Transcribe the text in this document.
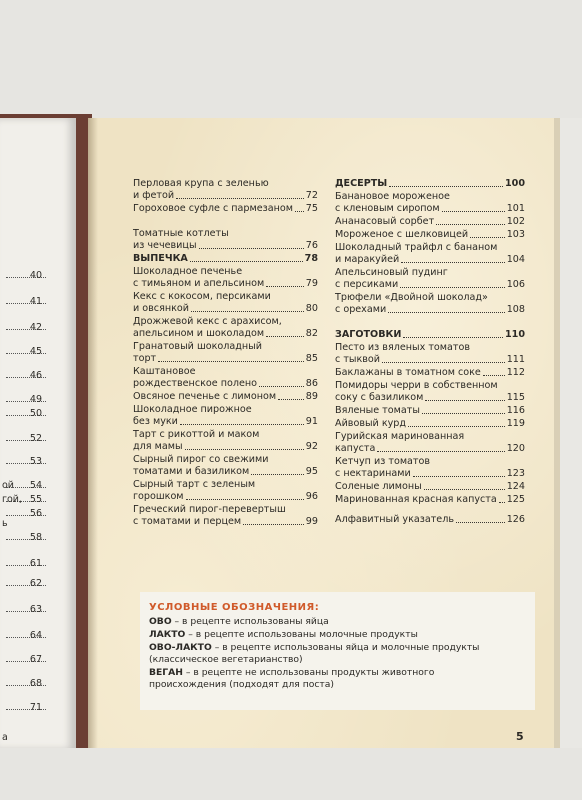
40
41
42
45
46
49
50
52
53
54
55
56
58
61
62
63
64
67
68
71
ой
гой,
ь
а
Перловая крупа с зеленью
и фетой	72
Гороховое суфле с пармезаном 75
Томатные котлеты
из чечевицы	76
ВЫПЕЧКА	78
Шоколадное печенье
с тимьяном и апельсином	79
Кекс с кокосом, персиками
и овсянкой	80
Дрожжевой кекс с арахисом,
апельсином и шоколадом	82
Гранатовый шоколадный
торт	85
Каштановое
рождественское полено	86
Овсяное печенье с лимоном	89
Шоколадное пирожное
без муки	91
Тарт с рикоттой и маком
для мамы	92
Сырный пирог со свежими
томатами и базиликом	95
Сырный тарт с зеленым
горошком	96
Греческий пирог-перевертыш
с томатами и перцем	99
ДЕСЕРТЫ	100
Банановое мороженое
с кленовым сиропом	101
Ананасовый сорбет	102
Мороженое с шелковицей	103
Шоколадный трайфл с бананом
и маракуйей	104
Апельсиновый пудинг
с персиками	106
Трюфели «Двойной шоколад»
с орехами	108
ЗАГОТОВКИ	110
Песто из вяленых томатов
с тыквой	111
Баклажаны в томатном соке	112
Помидоры черри в собственном
соку с базиликом	115
Вяленые томаты	116
Айвовый курд	119
Гурийская маринованная
капуста	120
Кетчуп из томатов
с нектаринами	123
Соленые лимоны	124
Маринованная красная капуста 125
Алфавитный указатель	126
УСЛОВНЫЕ ОБОЗНАЧЕНИЯ:
ОВО – в рецепте использованы яйца
ЛАКТО – в рецепте использованы молочные продукты
ОВО-ЛАКТО – в рецепте использованы яйца и молочные продукты
(классическое вегетарианство)
ВЕГАН – в рецепте не использованы продукты животного
происхождения (подходят для поста)
5
